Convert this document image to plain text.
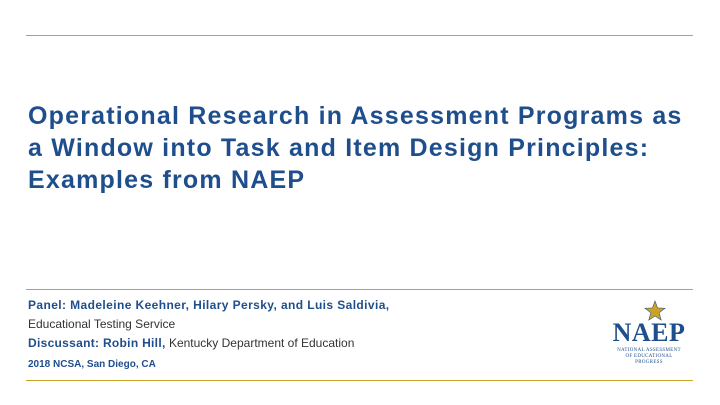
Operational Research in Assessment Programs as a Window into Task and Item Design Principles: Examples from NAEP
Panel: Madeleine Keehner, Hilary Persky, and Luis Saldivia,
Educational Testing Service
Discussant: Robin Hill, Kentucky Department of Education
2018 NCSA, San Diego, CA
NAEP
NATIONAL ASSESSMENT
OF EDUCATIONAL
PROGRESS
